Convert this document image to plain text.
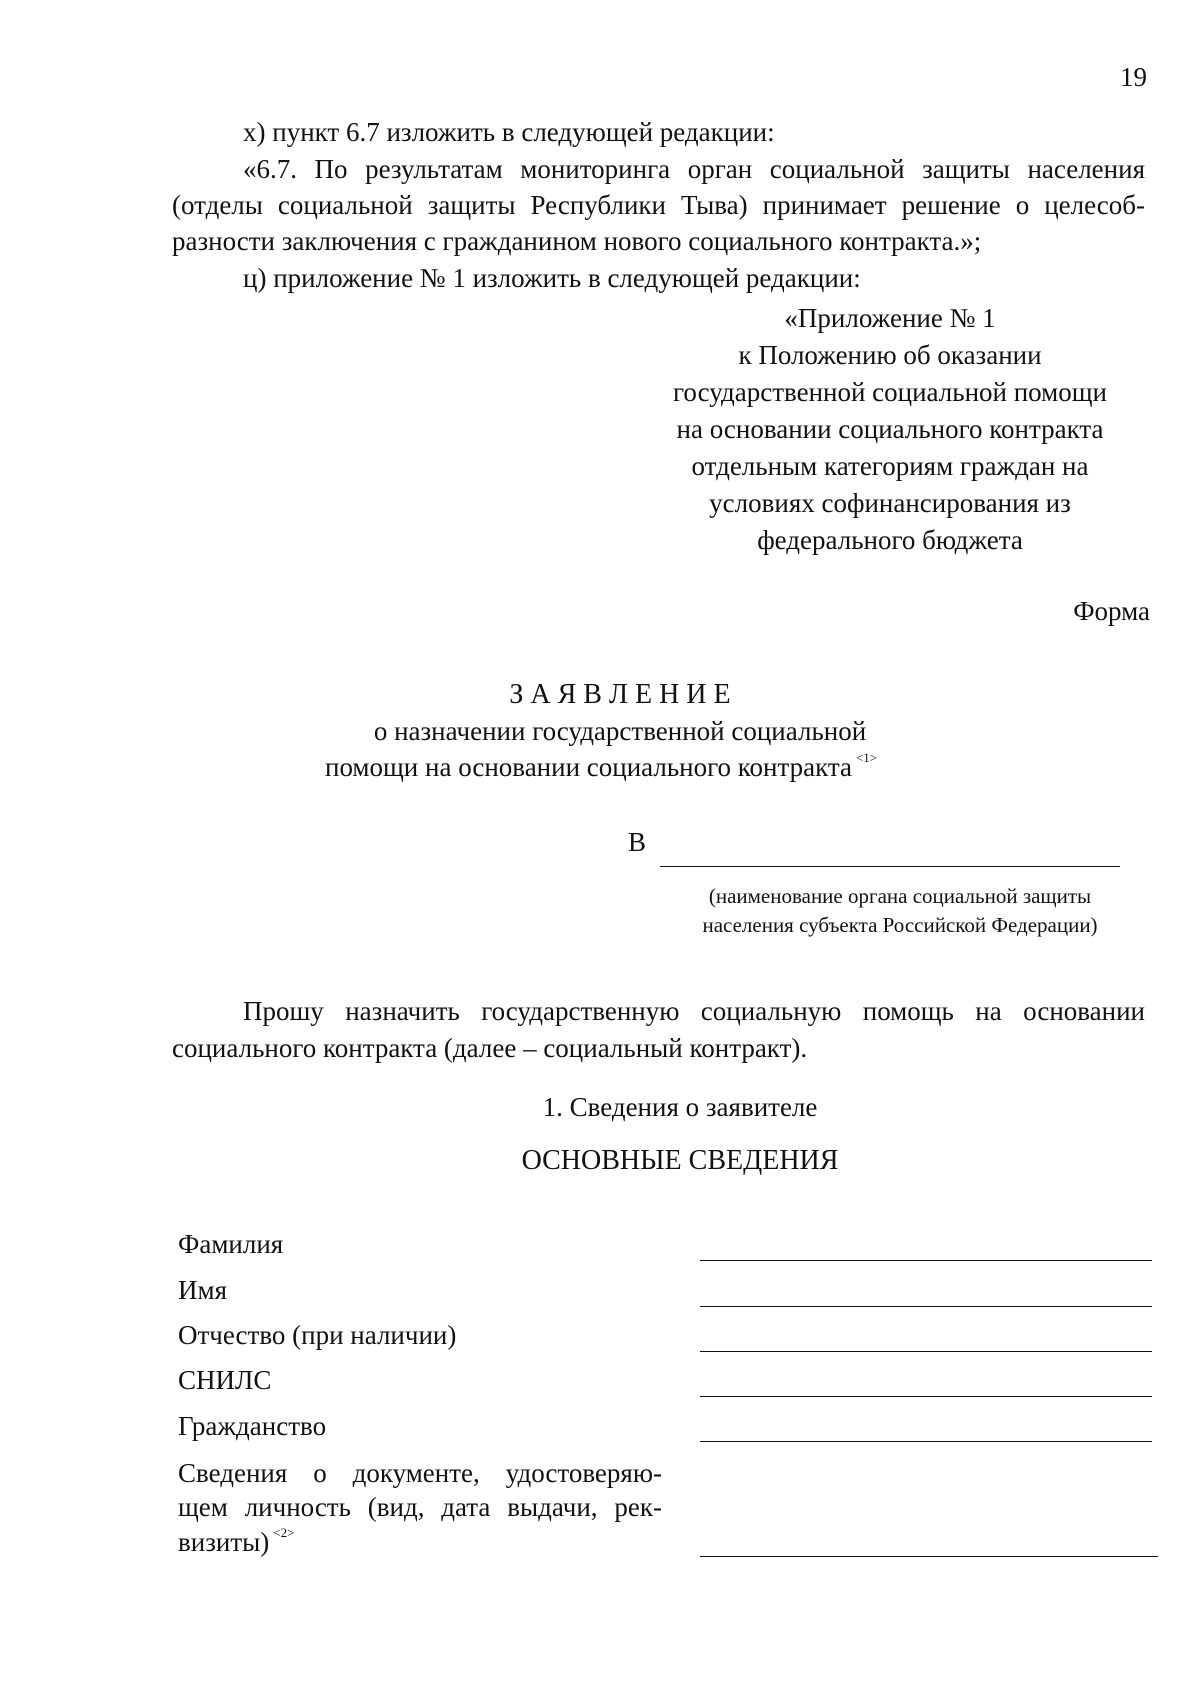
19
х) пункт 6.7 изложить в следующей редакции:
«6.7. По результатам мониторинга орган социальной защиты населения
(отделы социальной защиты Республики Тыва) принимает решение о целесоб-
разности заключения с гражданином нового социального контракта.»;
ц) приложение № 1 изложить в следующей редакции:
«Приложение № 1
к Положению об оказании
государственной социальной помощи
на основании социального контракта
отдельным категориям граждан на
условиях софинансирования из
федерального бюджета
Форма
З А Я В Л Е Н И Е
о назначении государственной социальной
помощи на основании социального контракта $^{<1>}$
В
(наименование органа социальной защиты
населения субъекта Российской Федерации)
Прошу назначить государственную социальную помощь на основании
социального контракта (далее – социальный контракт).
1. Сведения о заявителе
ОСНОВНЫЕ СВЕДЕНИЯ
Фамилия
Имя
Отчество (при наличии)
СНИЛС
Гражданство
Сведения о документе, удостоверяю-
щем личность (вид, дата выдачи, рек-
визиты) $^{<2>}$
